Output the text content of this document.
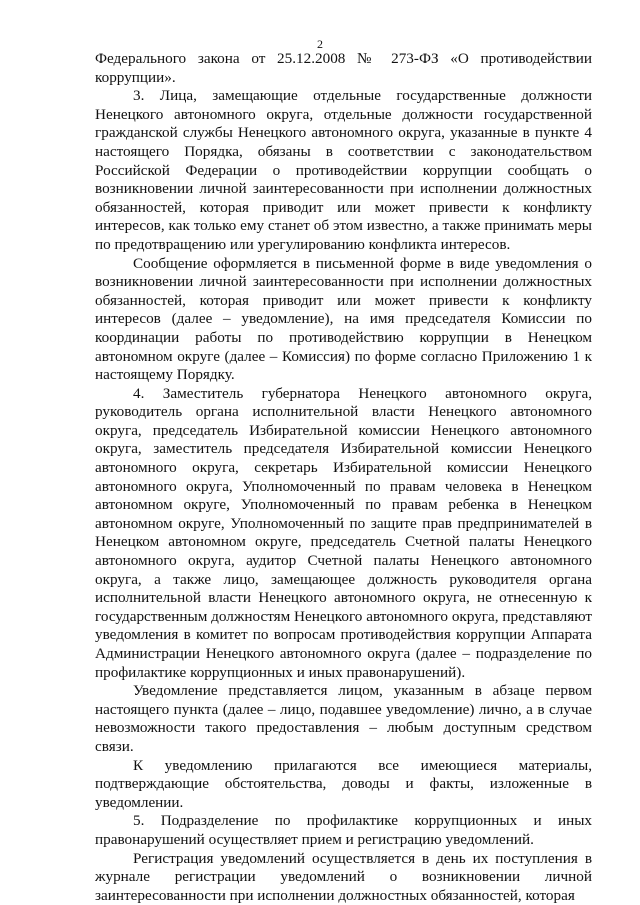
2

Федерального закона от 25.12.2008 № 273-ФЗ «О противодействии коррупции».

3. Лица, замещающие отдельные государственные должности Ненецкого автономного округа, отдельные должности государственной гражданской службы Ненецкого автономного округа, указанные в пункте 4 настоящего Порядка, обязаны в соответствии с законодательством Российской Федерации о противодействии коррупции сообщать о возникновении личной заинтересованности при исполнении должностных обязанностей, которая приводит или может привести к конфликту интересов, как только ему станет об этом известно, а также принимать меры по предотвращению или урегулированию конфликта интересов.

Сообщение оформляется в письменной форме в виде уведомления о возникновении личной заинтересованности при исполнении должностных обязанностей, которая приводит или может привести к конфликту интересов (далее – уведомление), на имя председателя Комиссии по координации работы по противодействию коррупции в Ненецком автономном округе (далее – Комиссия) по форме согласно Приложению 1 к настоящему Порядку.

4. Заместитель губернатора Ненецкого автономного округа, руководитель органа исполнительной власти Ненецкого автономного округа, председатель Избирательной комиссии Ненецкого автономного округа, заместитель председателя Избирательной комиссии Ненецкого автономного округа, секретарь Избирательной комиссии Ненецкого автономного округа, Уполномоченный по правам человека в Ненецком автономном округе, Уполномоченный по правам ребенка в Ненецком автономном округе, Уполномоченный по защите прав предпринимателей в Ненецком автономном округе, председатель Счетной палаты Ненецкого автономного округа, аудитор Счетной палаты Ненецкого автономного округа, а также лицо, замещающее должность руководителя органа исполнительной власти Ненецкого автономного округа, не отнесенную к государственным должностям Ненецкого автономного округа, представляют уведомления в комитет по вопросам противодействия коррупции Аппарата Администрации Ненецкого автономного округа (далее – подразделение по профилактике коррупционных и иных правонарушений).

Уведомление представляется лицом, указанным в абзаце первом настоящего пункта (далее – лицо, подавшее уведомление) лично, а в случае невозможности такого предоставления – любым доступным средством связи.

К уведомлению прилагаются все имеющиеся материалы, подтверждающие обстоятельства, доводы и факты, изложенные в уведомлении.

5. Подразделение по профилактике коррупционных и иных правонарушений осуществляет прием и регистрацию уведомлений.

Регистрация уведомлений осуществляется в день их поступления в журнале регистрации уведомлений о возникновении личной заинтересованности при исполнении должностных обязанностей, которая
